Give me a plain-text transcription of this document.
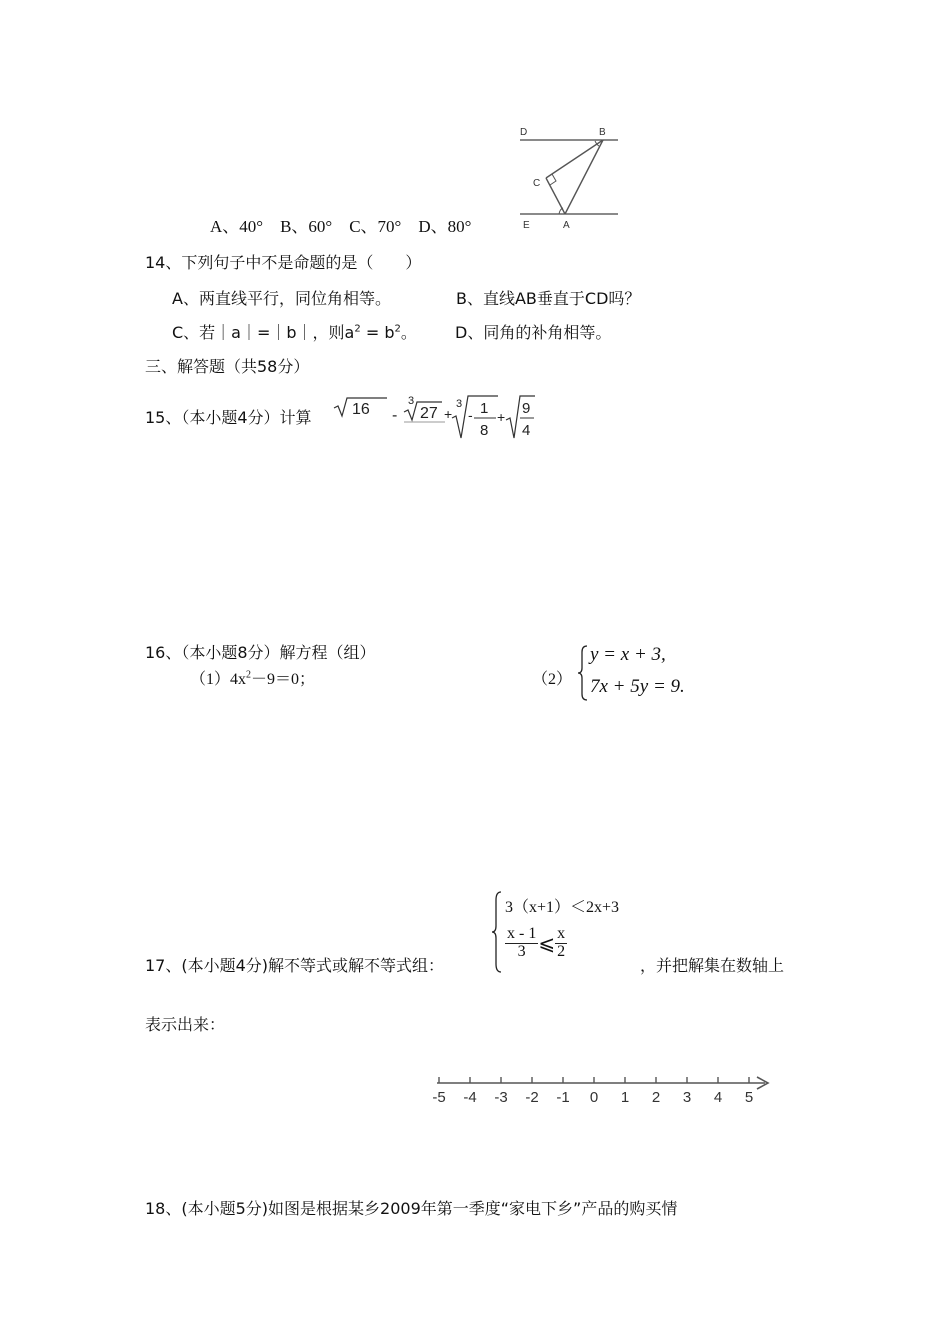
D	B
C
E	A
A、40°　B、60°　C、70°　D、80°
14、下列句子中不是命题的是（　　）
A、两直线平行，同位角相等。	B、直线AB垂直于CD吗？
C、若｜a｜=｜b｜，则$a^2 = b^2$。 D、同角的补角相等。
三、解答题（共58分）
15、（本小题4分）计算	16 -
3
27 +
3
- 1
8
+ 9
4
16、（本小题8分）解方程（组）
$(1)4x^2-9=0$；	（2）
y = x + 3,
7x + 5y = 9.
3（x+1）＜2x+3
$\frac{x - 1}{3}$ ⩽ $\frac{x}{2}$
17、(本小题4分)解不等式或解不等式组：	，并把解集在数轴上
表示出来：
-5 -4 -3 -2 -1 0 1 2 3 4 5
18、(本小题5分)如图是根据某乡2009年第一季度“家电下乡”产品的购买情
